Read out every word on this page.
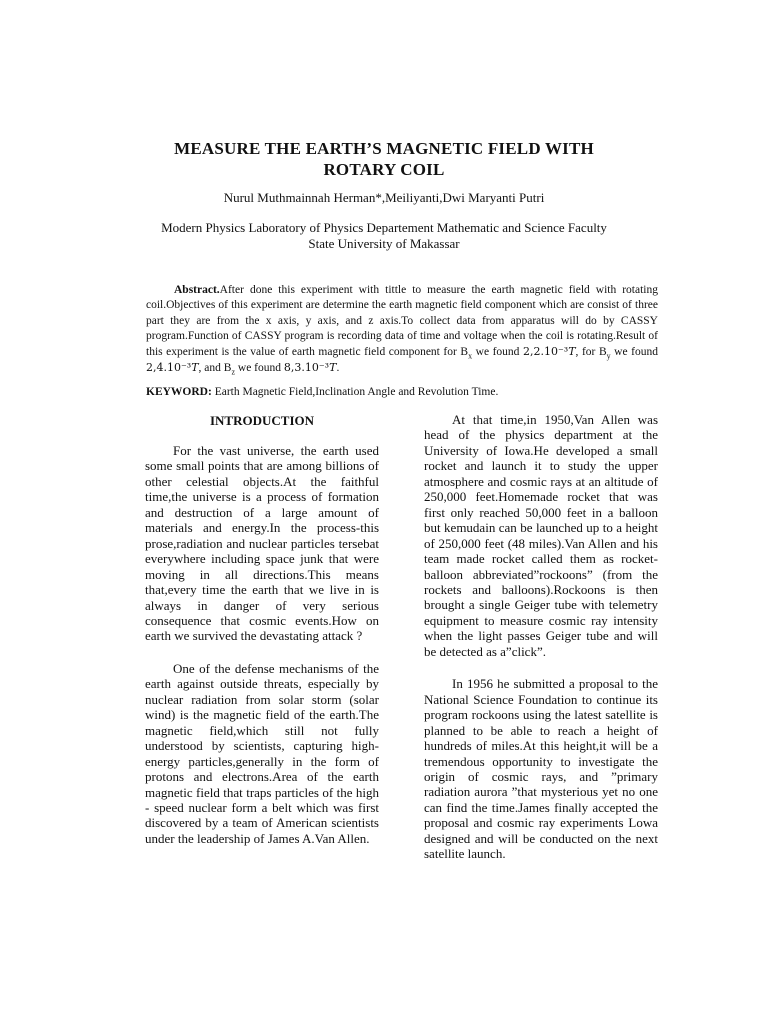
MEASURE THE EARTH’S MAGNETIC FIELD WITH
ROTARY COIL
Nurul Muthmainnah Herman*,Meiliyanti,Dwi Maryanti Putri
Modern Physics Laboratory of Physics Departement Mathematic and Science Faculty
State University of Makassar
Abstract.After done this experiment with tittle to measure the earth magnetic field with rotating coil.Objectives of this experiment are determine the earth magnetic field component which are consist of three part they are from the x axis, y axis, and z axis.To collect data from apparatus will do by CASSY program.Function of CASSY program is recording data of time and voltage when the coil is rotating.Result of this experiment is the value of earth magnetic field component for $B_x$ we found 2,2.10⁻³𝑇, for $B_y$ we found 2,4.10⁻³𝑇, and $B_z$ we found 8,3.10⁻³𝑇.
KEYWORD: Earth Magnetic Field,Inclination Angle and Revolution Time.
INTRODUCTION

For the vast universe, the earth used some small points that are among billions of other celestial objects.At the faithful time,the universe is a process of formation and destruction of a large amount of materials and energy.In the process-this prose,radiation and nuclear particles tersebat everywhere including space junk that were moving in all directions.This means that,every time the earth that we live in is always in danger of very serious consequence that cosmic events.How on earth we survived the devastating attack ?

One of the defense mechanisms of the earth against outside threats, especially by nuclear radiation from solar storm (solar wind) is the magnetic field of the earth.The magnetic field,which still not fully understood by scientists, capturing high-energy particles,generally in the form of protons and electrons.Area of the earth magnetic field that traps particles of the high - speed nuclear form a belt which was first discovered by a team of American scientists under the leadership of James A.Van Allen.

At that time,in 1950,Van Allen was head of the physics department at the University of Iowa.He developed a small rocket and launch it to study the upper atmosphere and cosmic rays at an altitude of 250,000 feet.Homemade rocket that was first only reached 50,000 feet in a balloon but kemudain can be launched up to a height of 250,000 feet (48 miles).Van Allen and his team made rocket called them as rocket- balloon abbreviated”rockoons” (from the rockets and balloons).Rockoons is then brought a single Geiger tube with telemetry equipment to measure cosmic ray intensity when the light passes Geiger tube and will be detected as a”click”.

In 1956 he submitted a proposal to the National Science Foundation to continue its program rockoons using the latest satellite is planned to be able to reach a height of hundreds of miles.At this height,it will be a tremendous opportunity to investigate the origin of cosmic rays, and ”primary radiation aurora ”that mysterious yet no one can find the time.James finally accepted the proposal and cosmic ray experiments Lowa designed and will be conducted on the next satellite launch.
